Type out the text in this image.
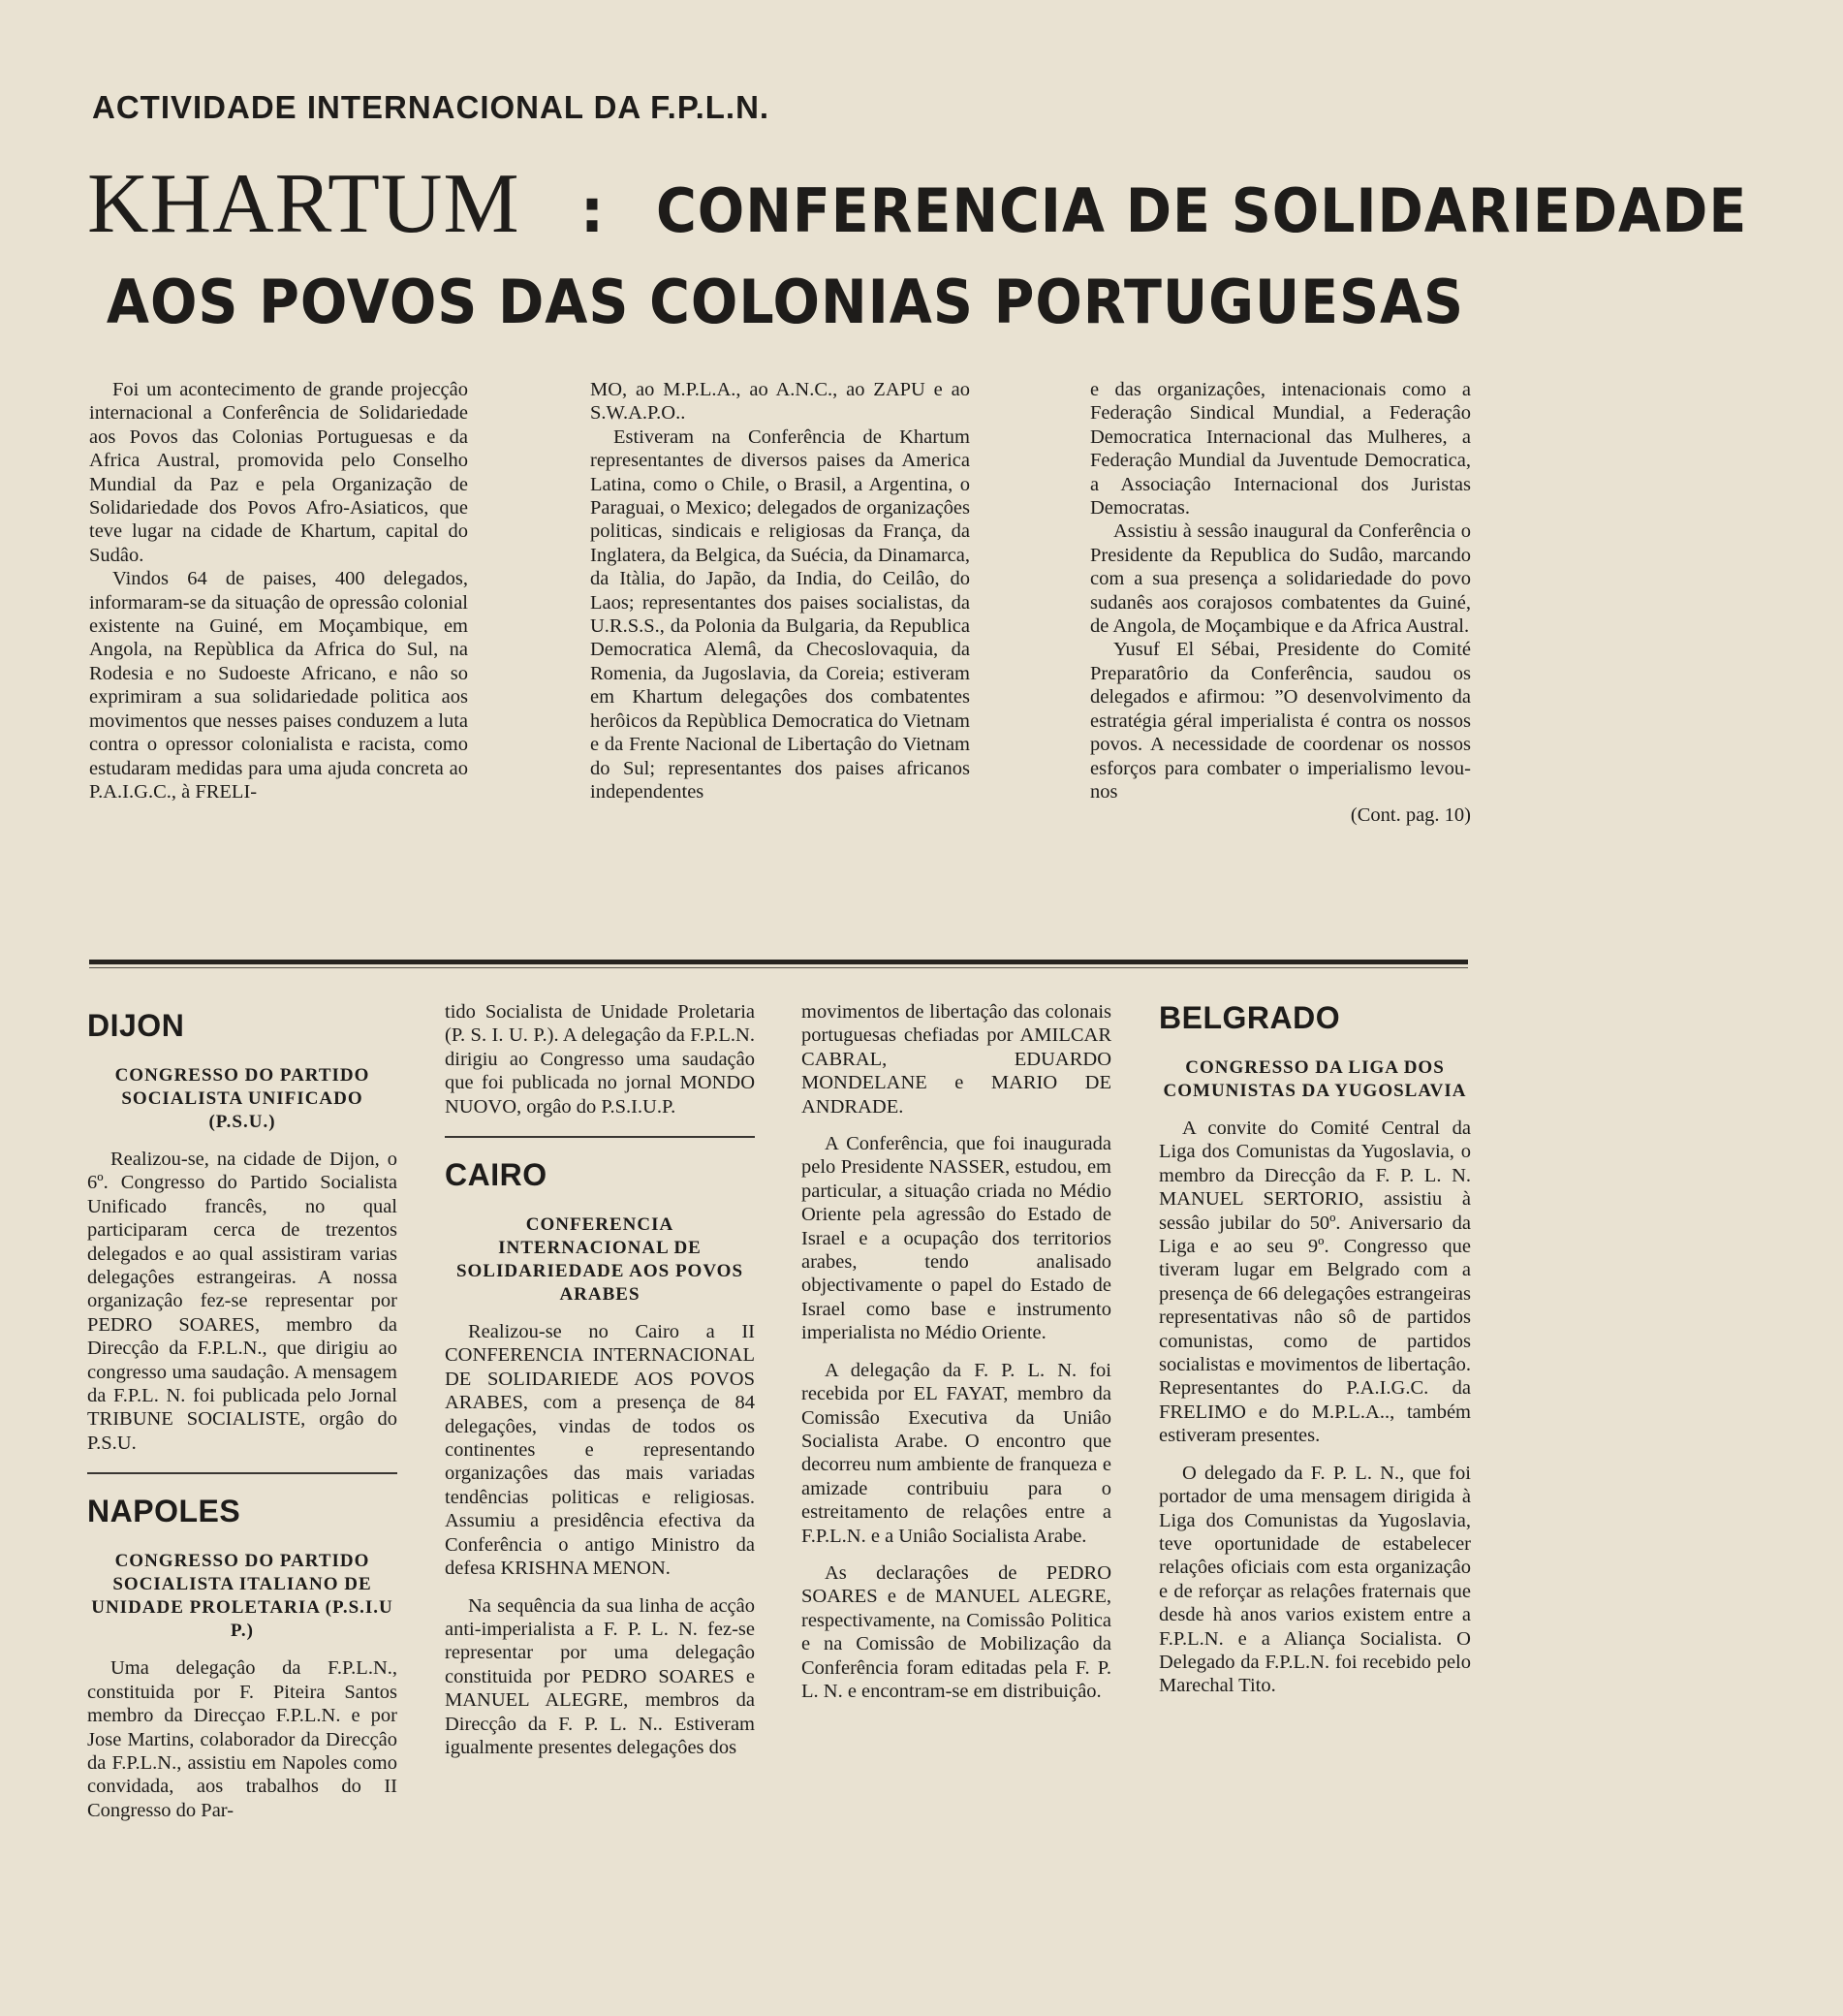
ACTIVIDADE INTERNACIONAL DA F.P.L.N.
KHARTUM : CONFERENCIA DE SOLIDARIEDADE
AOS POVOS DAS COLONIAS PORTUGUESAS

Foi um acontecimento de grande projecçâo internacional a Conferência de Solidariedade aos Povos das Colonias Portuguesas e da Africa Austral, promovida pelo Conselho Mundial da Paz e pela Organização de Solidariedade dos Povos Afro-Asiaticos, que teve lugar na cidade de Khartum, capital do Sudâo.

Vindos 64 de paises, 400 delegados, informaram-se da situaçâo de opressâo colonial existente na Guiné, em Moçambique, em Angola, na Repùblica da Africa do Sul, na Rodesia e no Sudoeste Africano, e nâo so exprimiram a sua solidariedade politica aos movimentos que nesses paises conduzem a luta contra o opressor colonialista e racista, como estudaram medidas para uma ajuda concreta ao P.A.I.G.C., à FRELI-

MO, ao M.P.L.A., ao A.N.C., ao ZAPU e ao S.W.A.P.O..

Estiveram na Conferência de Khartum representantes de diversos paises da America Latina, como o Chile, o Brasil, a Argentina, o Paraguai, o Mexico; delegados de organizaçôes politicas, sindicais e religiosas da França, da Inglatera, da Belgica, da Suécia, da Dinamarca, da Itàlia, do Japão, da India, do Ceilâo, do Laos; representantes dos paises socialistas, da U.R.S.S., da Polonia da Bulgaria, da Republica Democratica Alemâ, da Checoslovaquia, da Romenia, da Jugoslavia, da Coreia; estiveram em Khartum delegaçôes dos combatentes herôicos da Repùblica Democratica do Vietnam e da Frente Nacional de Libertaçâo do Vietnam do Sul; representantes dos paises africanos independentes

e das organizaçôes, intenacionais como a Federaçâo Sindical Mundial, a Federaçâo Democratica Internacional das Mulheres, a Federaçâo Mundial da Juventude Democratica, a Associaçâo Internacional dos Juristas Democratas.

Assistiu à sessâo inaugural da Conferência o Presidente da Republica do Sudâo, marcando com a sua presença a solidariedade do povo sudanês aos corajosos combatentes da Guiné, de Angola, de Moçambique e da Africa Austral.

Yusuf El Sébai, Presidente do Comité Preparatôrio da Conferência, saudou os delegados e afirmou: ”O desenvolvimento da estratégia géral imperialista é contra os nossos povos. A necessidade de coordenar os nossos esforços para combater o imperialismo levou-nos

(Cont. pag. 10)
DIJON
CONGRESSO DO PARTIDO SOCIALISTA UNIFICADO (P.S.U.)

Realizou-se, na cidade de Dijon, o 6º. Congresso do Partido Socialista Unificado francês, no qual participaram cerca de trezentos delegados e ao qual assistiram varias delegaçôes estrangeiras. A nossa organizaçâo fez-se representar por PEDRO SOARES, membro da Direcçâo da F.P.L.N., que dirigiu ao congresso uma saudaçâo. A mensagem da F.P.L. N. foi publicada pelo Jornal TRIBUNE SOCIALISTE, orgâo do P.S.U.

NAPOLES
CONGRESSO DO PARTIDO SOCIALISTA ITALIANO DE UNIDADE PROLETARIA (P.S.I.U P.)

Uma delegaçâo da F.P.L.N., constituida por F. Piteira Santos membro da Direcçao F.P.L.N. e por Jose Martins, colaborador da Direcçâo da F.P.L.N., assistiu em Napoles como convidada, aos trabalhos do II Congresso do Par-

tido Socialista de Unidade Proletaria (P. S. I. U. P.). A delegaçâo da F.P.L.N. dirigiu ao Congresso uma saudaçâo que foi publicada no jornal MONDO NUOVO, orgâo do P.S.I.U.P.

CAIRO
CONFERENCIA INTERNACIONAL DE SOLIDARIEDADE AOS POVOS ARABES

Realizou-se no Cairo a II CONFERENCIA INTERNACIONAL DE SOLIDARIEDE AOS POVOS ARABES, com a presença de 84 delegaçôes, vindas de todos os continentes e representando organizaçôes das mais variadas tendências politicas e religiosas. Assumiu a presidência efectiva da Conferência o antigo Ministro da defesa KRISHNA MENON.

Na sequência da sua linha de acçâo anti-imperialista a F. P. L. N. fez-se representar por uma delegaçâo constituida por PEDRO SOARES e MANUEL ALEGRE, membros da Direcçâo da F. P. L. N.. Estiveram igualmente presentes delegaçôes dos

movimentos de libertaçâo das colonais portuguesas chefiadas por AMILCAR CABRAL, EDUARDO MONDELANE e MARIO DE ANDRADE.

A Conferência, que foi inaugurada pelo Presidente NASSER, estudou, em particular, a situaçâo criada no Médio Oriente pela agressâo do Estado de Israel e a ocupaçâo dos territorios arabes, tendo analisado objectivamente o papel do Estado de Israel como base e instrumento imperialista no Médio Oriente.

A delegaçâo da F. P. L. N. foi recebida por EL FAYAT, membro da Comissâo Executiva da Uniâo Socialista Arabe. O encontro que decorreu num ambiente de franqueza e amizade contribuiu para o estreitamento de relaçôes entre a F.P.L.N. e a Uniâo Socialista Arabe.

As declaraçôes de PEDRO SOARES e de MANUEL ALEGRE, respectivamente, na Comissâo Politica e na Comissâo de Mobilizaçâo da Conferência foram editadas pela F. P. L. N. e encontram-se em distribuiçâo.

BELGRADO
CONGRESSO DA LIGA DOS COMUNISTAS DA YUGOSLAVIA

A convite do Comité Central da Liga dos Comunistas da Yugoslavia, o membro da Direcçâo da F. P. L. N. MANUEL SERTORIO, assistiu à sessâo jubilar do 50º. Aniversario da Liga e ao seu 9º. Congresso que tiveram lugar em Belgrado com a presença de 66 delegaçôes estrangeiras representativas nâo sô de partidos comunistas, como de partidos socialistas e movimentos de libertaçâo. Representantes do P.A.I.G.C. da FRELIMO e do M.P.L.A.., também estiveram presentes.

O delegado da F. P. L. N., que foi portador de uma mensagem dirigida à Liga dos Comunistas da Yugoslavia, teve oportunidade de estabelecer relaçôes oficiais com esta organizaçâo e de reforçar as relaçôes fraternais que desde hà anos varios existem entre a F.P.L.N. e a Aliança Socialista. O Delegado da F.P.L.N. foi recebido pelo Marechal Tito.
